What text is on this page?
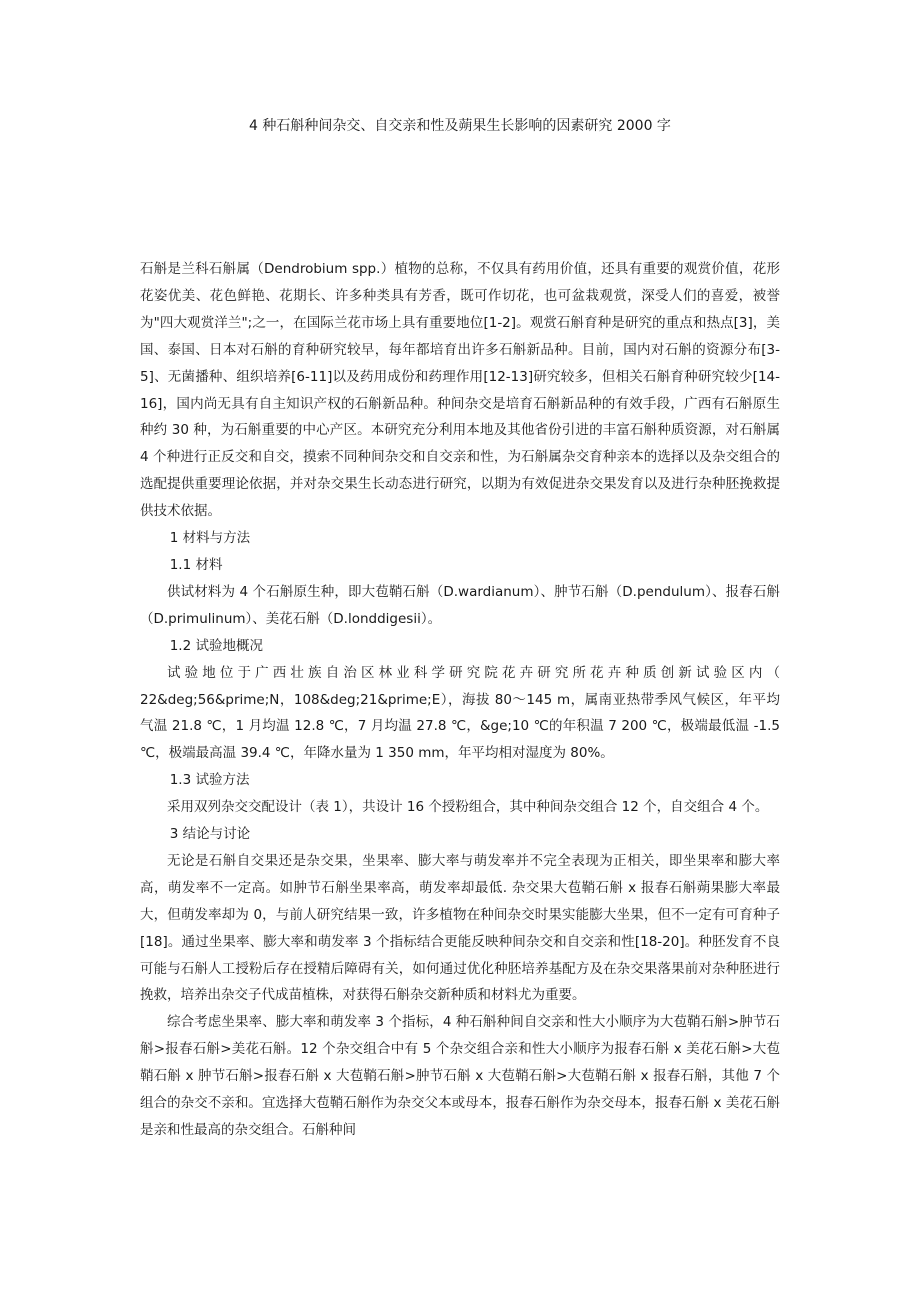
4 种石斛种间杂交、自交亲和性及蒴果生长影响的因素研究 2000 字

石斛是兰科石斛属（Dendrobium spp.）植物的总称，不仅具有药用价值，还具有重要的观赏价值，花形花姿优美、花色鲜艳、花期长、许多种类具有芳香，既可作切花，也可盆栽观赏，深受人们的喜爱，被誉为"四大观赏洋兰";之一，在国际兰花市场上具有重要地位[1-2]。观赏石斛育种是研究的重点和热点[3]，美国、泰国、日本对石斛的育种研究较早，每年都培育出许多石斛新品种。目前，国内对石斛的资源分布[3-5]、无菌播种、组织培养[6-11]以及药用成份和药理作用[12-13]研究较多，但相关石斛育种研究较少[14-16]，国内尚无具有自主知识产权的石斛新品种。种间杂交是培育石斛新品种的有效手段，广西有石斛原生种约 30 种，为石斛重要的中心产区。本研究充分利用本地及其他省份引进的丰富石斛种质资源，对石斛属 4 个种进行正反交和自交，摸索不同种间杂交和自交亲和性，为石斛属杂交育种亲本的选择以及杂交组合的选配提供重要理论依据，并对杂交果生长动态进行研究，以期为有效促进杂交果发育以及进行杂种胚挽救提供技术依据。

1 材料与方法

1.1 材料

供试材料为 4 个石斛原生种，即大苞鞘石斛（D.wardianum）、肿节石斛（D.pendulum）、报春石斛（D.primulinum）、美花石斛（D.londdigesii）。

1.2 试验地概况

试验地位于广西壮族自治区林业科学研究院花卉研究所花卉种质创新试验区内（ 22&deg;56&prime;N，108&deg;21&prime;E），海拔 80～145 m，属南亚热带季风气候区，年平均气温 21.8 ℃，1 月均温 12.8 ℃，7 月均温 27.8 ℃，&ge;10 ℃的年积温 7 200 ℃，极端最低温 -1.5 ℃，极端最高温 39.4 ℃，年降水量为 1 350 mm，年平均相对湿度为 80%。

1.3 试验方法

采用双列杂交交配设计（表 1），共设计 16 个授粉组合，其中种间杂交组合 12 个，自交组合 4 个。

3 结论与讨论

无论是石斛自交果还是杂交果，坐果率、膨大率与萌发率并不完全表现为正相关，即坐果率和膨大率高，萌发率不一定高。如肿节石斛坐果率高，萌发率却最低. 杂交果大苞鞘石斛 x 报春石斛蒴果膨大率最大，但萌发率却为 0，与前人研究结果一致，许多植物在种间杂交时果实能膨大坐果，但不一定有可育种子[18]。通过坐果率、膨大率和萌发率 3 个指标结合更能反映种间杂交和自交亲和性[18-20]。种胚发育不良可能与石斛人工授粉后存在授精后障碍有关，如何通过优化种胚培养基配方及在杂交果落果前对杂种胚进行挽救，培养出杂交子代成苗植株，对获得石斛杂交新种质和材料尤为重要。

综合考虑坐果率、膨大率和萌发率 3 个指标，4 种石斛种间自交亲和性大小顺序为大苞鞘石斛>肿节石斛>报春石斛>美花石斛。12 个杂交组合中有 5 个杂交组合亲和性大小顺序为报春石斛 x 美花石斛>大苞鞘石斛 x 肿节石斛>报春石斛 x 大苞鞘石斛>肿节石斛 x 大苞鞘石斛>大苞鞘石斛 x 报春石斛，其他 7 个组合的杂交不亲和。宜选择大苞鞘石斛作为杂交父本或母本，报春石斛作为杂交母本，报春石斛 x 美花石斛是亲和性最高的杂交组合。石斛种间
